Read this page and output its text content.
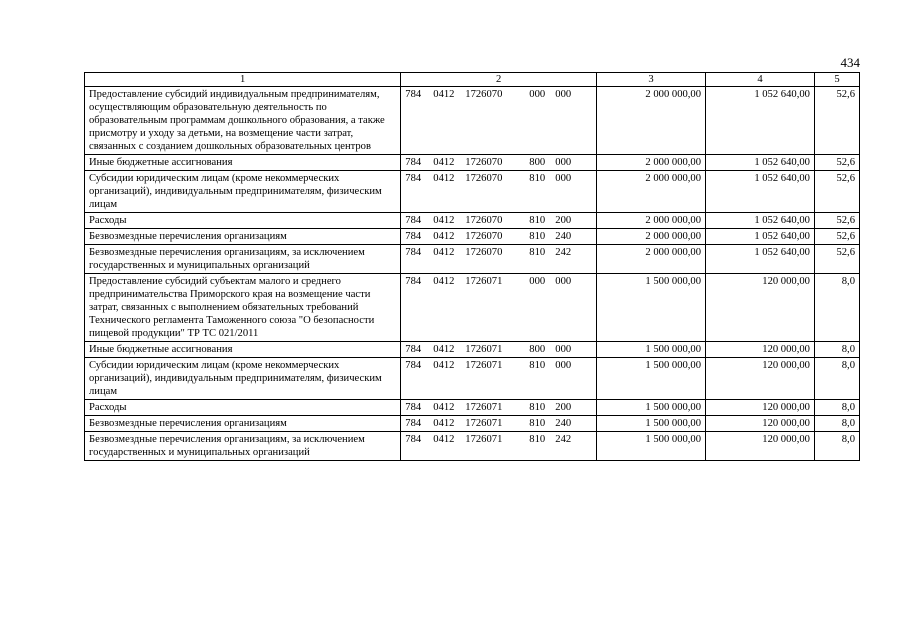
434
1	2	3	4	5
Предоставление субсидий индивидуальным предпринимателям, осуществляющим образовательную деятельность по образовательным программам дошкольного образования, а также присмотру и уходу за детьми, на возмещение части затрат, связанных с созданием дошкольных образовательных центров	784 0412 1726070 000 000	2 000 000,00	1 052 640,00	52,6
Иные бюджетные ассигнования	784 0412 1726070 800 000	2 000 000,00	1 052 640,00	52,6
Субсидии юридическим лицам (кроме некоммерческих организаций), индивидуальным предпринимателям, физическим лицам	784 0412 1726070 810 000	2 000 000,00	1 052 640,00	52,6
Расходы	784 0412 1726070 810 200	2 000 000,00	1 052 640,00	52,6
Безвозмездные перечисления организациям	784 0412 1726070 810 240	2 000 000,00	1 052 640,00	52,6
Безвозмездные перечисления организациям, за исключением государственных и муниципальных организаций	784 0412 1726070 810 242	2 000 000,00	1 052 640,00	52,6
Предоставление субсидий субъектам малого и среднего предпринимательства Приморского края на возмещение части затрат, связанных с выполнением обязательных требований Технического регламента Таможенного союза "О безопасности пищевой продукции" ТР ТС 021/2011	784 0412 1726071 000 000	1 500 000,00	120 000,00	8,0
Иные бюджетные ассигнования	784 0412 1726071 800 000	1 500 000,00	120 000,00	8,0
Субсидии юридическим лицам (кроме некоммерческих организаций), индивидуальным предпринимателям, физическим лицам	784 0412 1726071 810 000	1 500 000,00	120 000,00	8,0
Расходы	784 0412 1726071 810 200	1 500 000,00	120 000,00	8,0
Безвозмездные перечисления организациям	784 0412 1726071 810 240	1 500 000,00	120 000,00	8,0
Безвозмездные перечисления организациям, за исключением государственных и муниципальных организаций	784 0412 1726071 810 242	1 500 000,00	120 000,00	8,0
